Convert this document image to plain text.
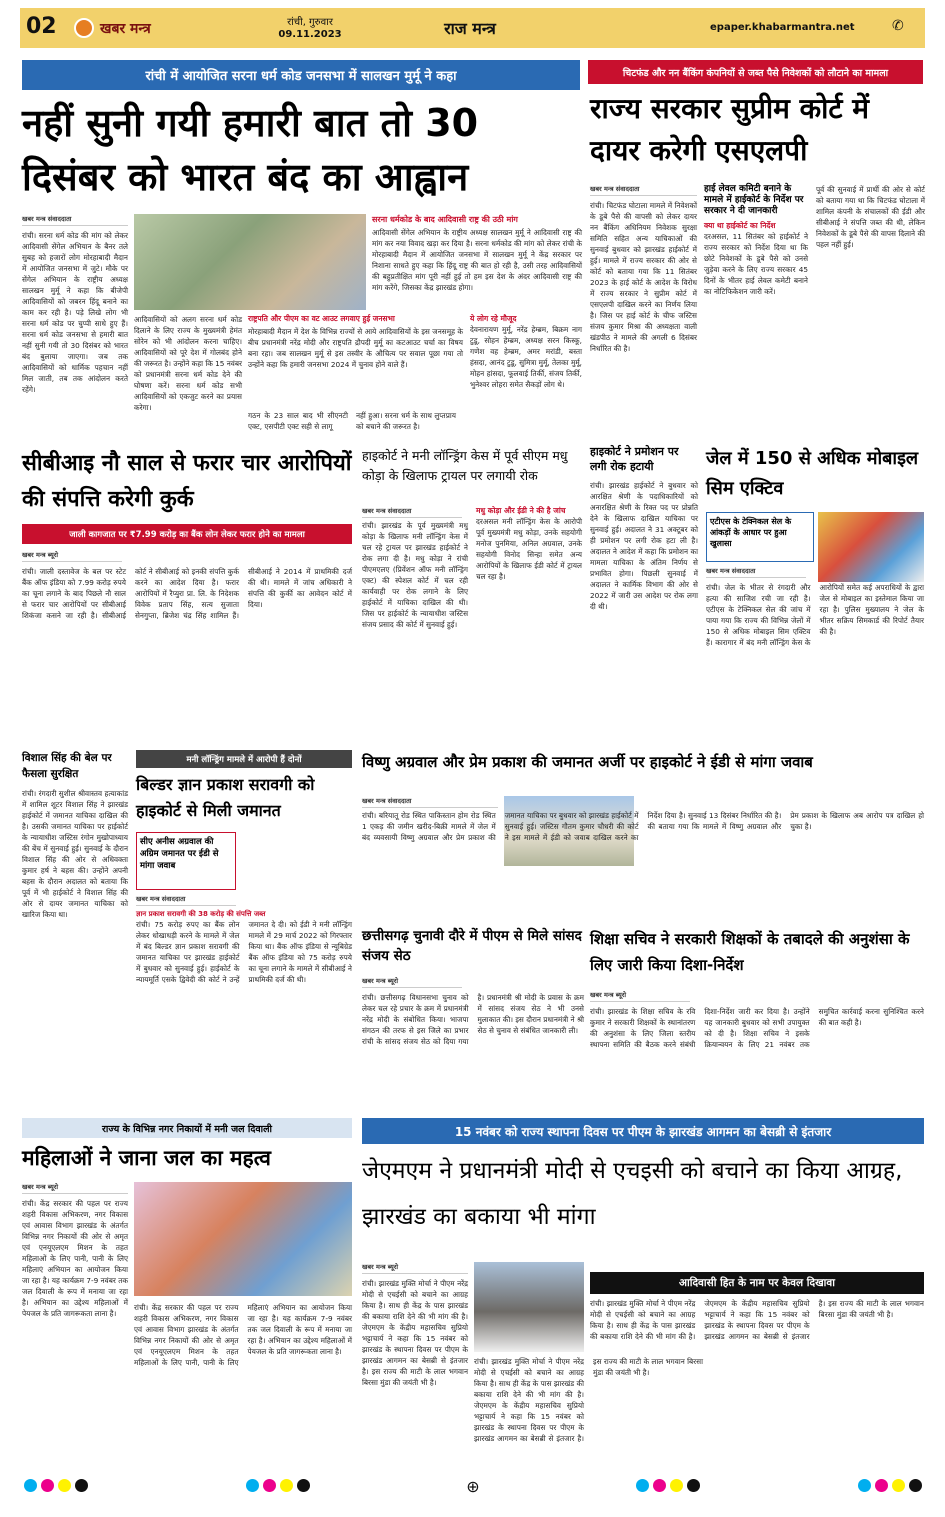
02	खबर मन्त्र	रांची, गुरुवार
09.11.2023	राज मन्त्र	epaper.khabarmantra.net	✆
रांची में आयोजित सरना धर्म कोड जनसभा में सालखन मुर्मू ने कहा
नहीं सुनी गयी हमारी बात तो 30 दिसंबर को भारत बंद का आह्वान
खबर मन्त्र संवाददाता
रांची। सरना धर्म कोड की मांग को लेकर आदिवासी सेंगेल अभियान के बैनर तले सुबह को हजारों लोग मोरहाबादी मैदान में आयोजित जनसभा में जुटे। मौके पर सेंगेल अभियान के राष्ट्रीय अध्यक्ष सालखन मुर्मू ने कहा कि बीजेपी आदिवासियों को जबरन हिंदू बनाने का काम कर रही है। पड़े लिखे लोग भी सरना धर्म कोड पर चुप्पी साधे हुए हैं। सरना धर्म कोड जनसभा से हमारी बात नहीं सुनी गयी तो 30 दिसंबर को भारत बंद बुलाया जाएगा। जब तक आदिवासियों को धार्मिक पहचान नहीं मिल जाती, तब तक आंदोलन करते रहेंगे।
सरना धर्मकोड के बाद आदिवासी राष्ट्र की उठी मांग
आदिवासी सेंगेल अभियान के राष्ट्रीय अध्यक्ष सालखन मुर्मू ने आदिवासी राष्ट्र की मांग कर नया विवाद खड़ा कर दिया है। सरना धर्मकोड की मांग को लेकर रांची के मोरहाबादी मैदान में आयोजित जनसभा में सालखन मुर्मू ने केंद्र सरकार पर निशाना साधते हुए कहा कि हिंदू राष्ट्र की बात हो रही है, उसी तरह आदिवासियों की बहुप्रतीक्षित मांग पूरी नहीं हुई तो हम इस देश के अंदर आदिवासी राष्ट्र की मांग करेंगे, जिसका केंद्र झारखंड होगा।
आदिवासियों को अलग सरना धर्म कोड दिलाने के लिए राज्य के मुख्यमंत्री हेमंत सोरेन को भी आंदोलन करना चाहिए। आदिवासियों को पूरे देश में गोलबंद होने की जरूरत है। उन्होंने कहा कि 15 नवंबर को प्रधानमंत्री सरना धर्म कोड देने की घोषणा करें। सरना धर्म कोड सभी आदिवासियों को एकजुट करने का प्रयास करेगा।
राष्ट्रपति और पीएम का वट आउट लगवाए हुई जनसभा
मोरहाबादी मैदान में देश के विभिन्न राज्यों से आये आदिवासियों के इस जनसमूह के बीच प्रधानमंत्री नरेंद्र मोदी और राष्ट्रपति द्रौपदी मुर्मू का कटआउट चर्चा का विषय बना रहा। जब सालखन मुर्मू से इस तस्वीर के औचित्य पर सवाल पूछा गया तो उन्होंने कहा कि हमारी जनसभा 2024 में चुनाव होने वाले हैं।
ये लोग रहे मौजूद
देवनारायण मुर्मू, नरेंद्र हेम्ब्रम, बिक्रम नाग टुडू, सोहन हेम्ब्रम, अध्यक्ष सरन किस्कू, गणेश वह हेम्ब्रम, अमर मरांडी, बस्ता हंसदा, आनंद टुडू, सुमित्रा मुर्मू, तेलका मुर्मू, मोहन हांसदा, फूलवाई तिर्की, संजय तिर्की, भुनेश्वर लोहरा समेत सैकड़ों लोग थे।
गठन के 23 साल बाद भी सीएनटी एक्ट, एसपीटी एक्ट सही से लागू
नहीं हुआ। सरना धर्म के साथ लुप्तप्राय को बचाने की जरूरत है।
चिटफंड और नन बैंकिंग कंपनियों से जब्त पैसे निवेशकों को लौटाने का मामला
राज्य सरकार सुप्रीम कोर्ट में दायर करेगी एसएलपी
खबर मन्त्र संवाददाता
रांची। चिटफंड घोटाला मामले में निवेशकों के डूबे पैसे की वापसी को लेकर दायर नन बैंकिंग अधिनियम निवेशक सुरक्षा समिति सहित अन्य याचिकाओं की सुनवाई बुधवार को झारखंड हाईकोर्ट में हुई। मामले में राज्य सरकार की ओर से कोर्ट को बताया गया कि 11 सितंबर 2023 के हाई कोर्ट के आदेश के विरोध में राज्य सरकार ने सुप्रीम कोर्ट में एसएलपी दाखिल करने का निर्णय लिया है। जिस पर हाई कोर्ट के चीफ जस्टिस संजय कुमार मिश्रा की अध्यक्षता वाली खंडपीठ ने मामले की अगली 6 दिसंबर निर्धारित की है।
हाई लेवल कमिटी बनाने के मामले में हाईकोर्ट के निर्देश पर सरकार ने दी जानकारी
क्या था हाईकोर्ट का निर्देश
दरअसल, 11 सितंबर को हाईकोर्ट ने राज्य सरकार को निर्देश दिया था कि छोटे निवेशकों के डूबे पैसे को उनसे जुड़ेवा करने के लिए राज्य सरकार 45 दिनों के भीतर हाई लेवल कमेटी बनाने का नोटिफिकेशन जारी करें।
पूर्व की सुनवाई में प्रार्थी की ओर से कोर्ट को बताया गया था कि चिटफंड घोटाला में शामिल कंपनी के संचालकों की ईडी और सीबीआई ने संपत्ति जब्त की थी, लेकिन निवेशकों के डूबे पैसे की वापस दिलाने की पहल नहीं हुई।
सीबीआइ नौ साल से फरार चार आरोपियों की संपत्ति करेगी कुर्क
जाली कागजात पर ₹7.99 करोड़ का बैंक लोन लेकर फरार होने का मामला
खबर मन्त्र ब्यूरो
रांची। जाली दस्तावेज के बल पर स्टेट बैंक ऑफ इंडिया को 7.99 करोड़ रुपये का चूना लगाने के बाद पिछले नौ साल से फरार चार आरोपियों पर सीबीआई शिकंजा कसने जा रही है। सीबीआई कोर्ट ने सीबीआई को इनकी संपत्ति कुर्क करने का आदेश दिया है। फरार आरोपियों में रैप्युरा प्रा. लि. के निदेशक विवेक प्रताप सिंह, सत्य सुजाता सेनगुप्ता, ब्रिजेश चंद्र सिंह शामिल हैं। सीबीआई ने 2014 में प्राथमिकी दर्ज की थी। मामले में जांच अधिकारी ने संपत्ति की कुर्की का आवेदन कोर्ट में दिया।
हाइकोर्ट ने मनी लॉन्ड्रिंग केस में पूर्व सीएम मधु कोड़ा के खिलाफ ट्रायल पर लगायी रोक
खबर मन्त्र संवाददाता
रांची। झारखंड के पूर्व मुख्यमंत्री मधु कोड़ा के खिलाफ मनी लॉन्ड्रिंग केस में चल रहे ट्रायल पर झारखंड हाईकोर्ट ने रोक लगा दी है। मधु कोड़ा ने रांची पीएमएलए (प्रिवेंशन ऑफ मनी लॉन्ड्रिंग एक्ट) की स्पेशल कोर्ट में चल रही कार्यवाही पर रोक लगाने के लिए हाईकोर्ट में याचिका दाखिल की थी। जिस पर हाईकोर्ट के न्यायाधीश जस्टिस संजय प्रसाद की कोर्ट में सुनवाई हुई।
मधु कोड़ा और ईडी ने की है जांच
दरअसल मनी लॉन्ड्रिंग केस के आरोपी पूर्व मुख्यमंत्री मधु कोड़ा, उनके सहयोगी मनोज पुनमिया, अनिल अग्रवाल, उनके सहयोगी विनोद सिन्हा समेत अन्य आरोपियों के खिलाफ ईडी कोर्ट में ट्रायल चल रहा है।
हाइकोर्ट ने प्रमोशन पर लगी रोक हटायी
रांची। झारखंड हाईकोर्ट ने बुधवार को आरक्षित श्रेणी के पदाधिकारियों को अनारक्षित श्रेणी के रिक्त पद पर प्रोन्नति देने के खिलाफ दाखिल याचिका पर सुनवाई हुई। अदालत ने 31 अक्टूबर को ही प्रमोशन पर लगी रोक हटा ली है। अदालत ने आदेश में कहा कि प्रमोशन का मामला याचिका के अंतिम निर्णय से प्रभावित होगा। पिछली सुनवाई में अदालत ने कार्मिक विभाग की ओर से 2022 में जारी उस आदेश पर रोक लगा दी थी।
जेल में 150 से अधिक मोबाइल सिम एक्टिव
एटीएस के टेक्निकल सेल के आंकड़ों के आधार पर हुआ खुलासा
खबर मन्त्र संवाददाता
रांची। जेल के भीतर से रंगदारी और हत्या की साजिश रची जा रही है। एटीएस के टेक्निकल सेल की जांच में पाया गया कि राज्य की विभिन्न जेलों में 150 से अधिक मोबाइल सिम एक्टिव हैं। कारागार में बंद मनी लॉन्ड्रिंग केस के आरोपियों समेत कई अपराधियों के द्वारा जेल से मोबाइल का इस्तेमाल किया जा रहा है। पुलिस मुख्यालय ने जेल के भीतर सक्रिय सिमकार्ड की रिपोर्ट तैयार की है।
विशाल सिंह की बेल पर फैसला सुरक्षित
रांची। रंगदारी सुशील श्रीवास्तव हत्याकांड में शामिल शूटर विशाल सिंह ने झारखंड हाईकोर्ट में जमानत याचिका दाखिल की है। उसकी जमानत याचिका पर हाईकोर्ट के न्यायाधीश जस्टिस रंगोन मुखोपाध्याय की बेंच में सुनवाई हुई। सुनवाई के दौरान विशाल सिंह की ओर से अधिवक्ता कुमार हर्ष ने बहस की। उन्होंने अपनी बहस के दौरान अदालत को बताया कि पूर्व में भी हाईकोर्ट ने विशाल सिंह की ओर से दायर जमानत याचिका को खारिज किया था।
मनी लॉन्ड्रिंग मामले में आरोपी हैं दोनों
बिल्डर ज्ञान प्रकाश सरावगी को हाइकोर्ट से मिली जमानत
सीए अनीस अग्रवाल की अग्रिम जमानत पर ईडी से मांगा जवाब
खबर मन्त्र संवाददाता
ज्ञान प्रकाश सरावगी की 38 करोड़ की संपत्ति जब्त
रांची। 75 करोड़ रुपए का बैंक लोन लेकर धोखाधड़ी करने के मामले में जेल में बंद बिल्डर ज्ञान प्रकाश सरावगी की जमानत याचिका पर झारखंड हाईकोर्ट में बुधवार को सुनवाई हुई। हाईकोर्ट के न्यायमूर्ति एसके द्विवेदी की कोर्ट ने उन्हें जमानत दे दी। को ईडी ने मनी लॉन्ड्रिंग मामले में 29 मार्च 2022 को गिरफ्तार किया था। बैंक ऑफ इंडिया से न्यूबिग्रेड बैंक ऑफ इंडिया को 75 करोड़ रुपये का चूना लगाने के मामले में सीबीआई ने प्राथमिकी दर्ज की थी।
विष्णु अग्रवाल और प्रेम प्रकाश की जमानत अर्जी पर हाइकोर्ट ने ईडी से मांगा जवाब
खबर मन्त्र संवाददाता
रांची। बरियातू रोड स्थित पाकिस्तान होम रोड स्थित 1 एकड़ की जमीन खरीद-बिक्री मामले में जेल में बंद व्यवसायी विष्णु अग्रवाल और प्रेम प्रकाश की जमानत याचिका पर बुधवार को झारखंड हाईकोर्ट में सुनवाई हुई। जस्टिस गौतम कुमार चौधरी की कोर्ट ने इस मामले में ईडी को जवाब दाखिल करने का निर्देश दिया है। सुनवाई 13 दिसंबर निर्धारित की है। की बताया गया कि मामले में विष्णु अग्रवाल और प्रेम प्रकाश के खिलाफ अब आरोप पत्र दाखिल हो चुका है।
छत्तीसगढ़ चुनावी दौरे में पीएम से मिले सांसद संजय सेठ
खबर मन्त्र ब्यूरो
रांची। छत्तीसगढ़ विधानसभा चुनाव को लेकर चल रहे प्रचार के क्रम में प्रधानमंत्री नरेंद्र मोदी के संबोधित किया। भाजपा संगठन की तरफ से इस जिले का प्रभार रांची के सांसद संजय सेठ को दिया गया है। प्रधानमंत्री श्री मोदी के प्रवास के क्रम में सांसद संजय सेठ ने भी उनसे मुलाकात की। इस दौरान प्रधानमंत्री ने श्री सेठ से चुनाव से संबंधित जानकारी ली।
शिक्षा सचिव ने सरकारी शिक्षकों के तबादले की अनुशंसा के लिए जारी किया दिशा-निर्देश
खबर मन्त्र ब्यूरो
रांची। झारखंड के शिक्षा सचिव के रवि कुमार ने सरकारी शिक्षकों के स्थानांतरण की अनुशंसा के लिए जिला स्तरीय स्थापना समिति की बैठक करने संबंधी दिशा-निर्देश जारी कर दिया है। उन्होंने यह जानकारी बुधवार को सभी उपायुक्त को दी है। शिक्षा सचिव ने इसके क्रियान्वयन के लिए 21 नवंबर तक समुचित कार्रवाई करना सुनिश्चित करने की बात कही है।
राज्य के विभिन्न नगर निकायों में मनी जल दिवाली
महिलाओं ने जाना जल का महत्व
खबर मन्त्र ब्यूरो
रांची। केंद्र सरकार की पहल पर राज्य शहरी विकास अभिकरण, नगर विकास एवं आवास विभाग झारखंड के अंतर्गत विभिन्न नगर निकायों की ओर से अमृत एवं एनयूएलएम मिशन के तहत महिलाओं के लिए पानी, पानी के लिए महिलाएं अभियान का आयोजन किया जा रहा है। यह कार्यक्रम 7-9 नवंबर तक जल दिवाली के रूप में मनाया जा रहा है। अभियान का उद्देश्य महिलाओं में पेयजल के प्रति जागरूकता लाना है।
रांची। केंद्र सरकार की पहल पर राज्य शहरी विकास अभिकरण, नगर विकास एवं आवास विभाग झारखंड के अंतर्गत विभिन्न नगर निकायों की ओर से अमृत एवं एनयूएलएम मिशन के तहत महिलाओं के लिए पानी, पानी के लिए महिलाएं अभियान का आयोजन किया जा रहा है। यह कार्यक्रम 7-9 नवंबर तक जल दिवाली के रूप में मनाया जा रहा है। अभियान का उद्देश्य महिलाओं में पेयजल के प्रति जागरूकता लाना है।
15 नवंबर को राज्य स्थापना दिवस पर पीएम के झारखंड आगमन का बेसब्री से इंतजार
जेएमएम ने प्रधानमंत्री मोदी से एचइसी को बचाने का किया आग्रह, झारखंड का बकाया भी मांगा
आदिवासी हित के नाम पर केवल दिखावा
खबर मन्त्र ब्यूरो
रांची। झारखंड मुक्ति मोर्चा ने पीएम नरेंद्र मोदी से एचईसी को बचाने का आग्रह किया है। साथ ही केंद्र के पास झारखंड की बकाया राशि देने की भी मांग की है। जेएमएम के केंद्रीय महासचिव सुप्रियो भट्टाचार्य ने कहा कि 15 नवंबर को झारखंड के स्थापना दिवस पर पीएम के झारखंड आगमन का बेसब्री से इंतजार है। इस राज्य की माटी के लाल भगवान बिरसा मुंडा की जयंती भी है।
रांची। झारखंड मुक्ति मोर्चा ने पीएम नरेंद्र मोदी से एचईसी को बचाने का आग्रह किया है। साथ ही केंद्र के पास झारखंड की बकाया राशि देने की भी मांग की है। जेएमएम के केंद्रीय महासचिव सुप्रियो भट्टाचार्य ने कहा कि 15 नवंबर को झारखंड के स्थापना दिवस पर पीएम के झारखंड आगमन का बेसब्री से इंतजार है। इस राज्य की माटी के लाल भगवान बिरसा मुंडा की जयंती भी है।
रांची। झारखंड मुक्ति मोर्चा ने पीएम नरेंद्र मोदी से एचईसी को बचाने का आग्रह किया है। साथ ही केंद्र के पास झारखंड की बकाया राशि देने की भी मांग की है। जेएमएम के केंद्रीय महासचिव सुप्रियो भट्टाचार्य ने कहा कि 15 नवंबर को झारखंड के स्थापना दिवस पर पीएम के झारखंड आगमन का बेसब्री से इंतजार है। इस राज्य की माटी के लाल भगवान बिरसा मुंडा की जयंती भी है।
⊕
